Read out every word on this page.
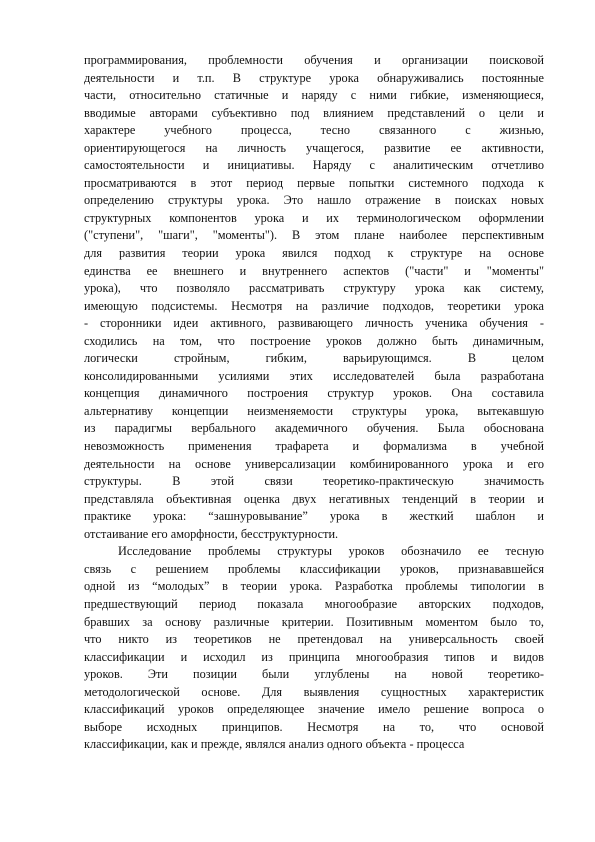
программирования, проблемности обучения и организации поисковой
деятельности и т.п. В структуре урока обнаруживались постоянные
части, относительно статичные и наряду с ними гибкие, изменяющиеся,
вводимые авторами субъективно под влиянием представлений о цели и
характере учебного процесса, тесно связанного с жизнью,
ориентирующегося на личность учащегося, развитие ее активности,
самостоятельности и инициативы. Наряду с аналитическим отчетливо
просматриваются в этот период первые попытки системного подхода к
определению структуры урока. Это нашло отражение в поисках новых
структурных компонентов урока и их терминологическом оформлении
("ступени", "шаги", "моменты"). В этом плане наиболее перспективным
для развития теории урока явился подход к структуре на основе
единства ее внешнего и внутреннего аспектов ("части" и "моменты"
урока), что позволяло рассматривать структуру урока как систему,
имеющую подсистемы. Несмотря на различие подходов, теоретики урока
- сторонники идеи активного, развивающего личность ученика обучения -
сходились на том, что построение уроков должно быть динамичным,
логически стройным, гибким, варьирующимся. В целом
консолидированными усилиями этих исследователей была разработана
концепция динамичного построения структур уроков. Она составила
альтернативу концепции неизменяемости структуры урока, вытекавшую
из парадигмы вербального академичного обучения. Была обоснована
невозможность применения трафарета и формализма в учебной
деятельности на основе универсализации комбинированного урока и его
структуры. В этой связи теоретико-практическую значимость
представляла объективная оценка двух негативных тенденций в теории и
практике урока: “зашнуровывание” урока в жесткий шаблон и
отстаивание его аморфности, бесструктурности.
Исследование проблемы структуры уроков обозначило ее тесную
связь с решением проблемы классификации уроков, признававшейся
одной из “молодых” в теории урока. Разработка проблемы типологии в
предшествующий период показала многообразие авторских подходов,
бравших за основу различные критерии. Позитивным моментом было то,
что никто из теоретиков не претендовал на универсальность своей
классификации и исходил из принципа многообразия типов и видов
уроков. Эти позиции были углублены на новой теоретико-
методологической основе. Для выявления сущностных характеристик
классификаций уроков определяющее значение имело решение вопроса о
выборе исходных принципов. Несмотря на то, что основой
классификации, как и прежде, являлся анализ одного объекта - процесса
